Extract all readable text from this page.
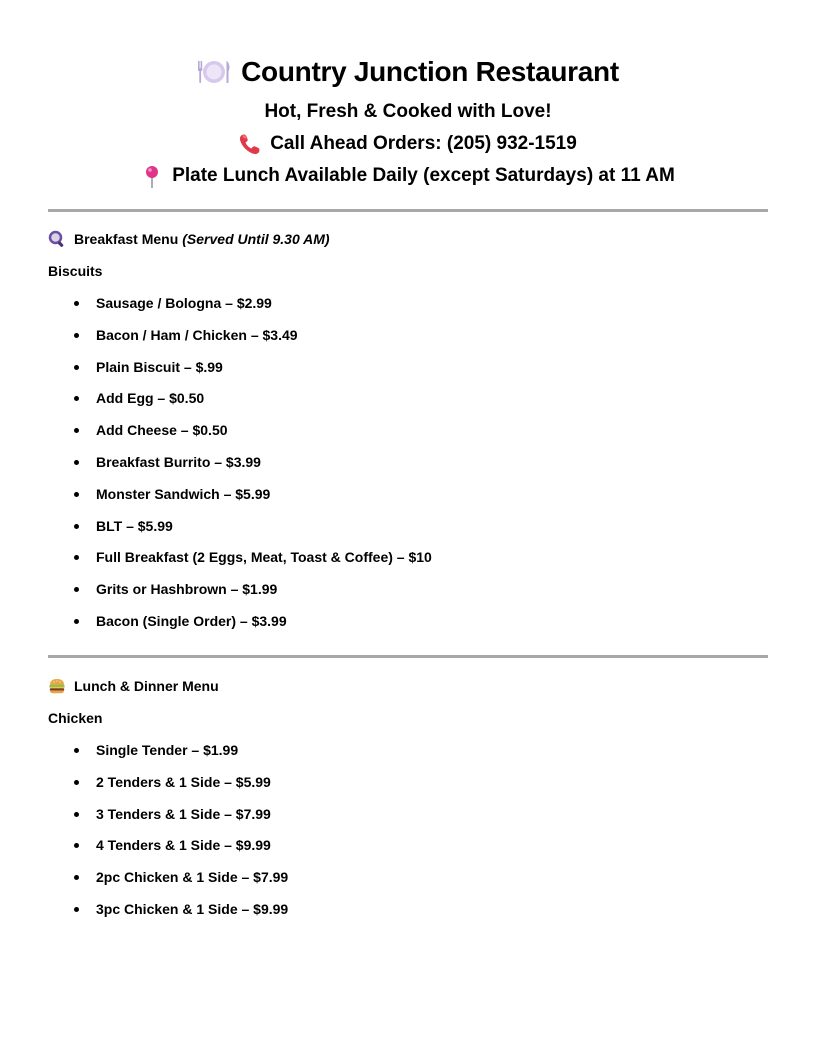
Country Junction Restaurant
Hot, Fresh & Cooked with Love!
Call Ahead Orders: (205) 932-1519
Plate Lunch Available Daily (except Saturdays) at 11 AM
Breakfast Menu (Served Until 9.30 AM)
Biscuits
Sausage / Bologna – $2.99
Bacon / Ham / Chicken – $3.49
Plain Biscuit – $.99
Add Egg – $0.50
Add Cheese – $0.50
Breakfast Burrito – $3.99
Monster Sandwich – $5.99
BLT – $5.99
Full Breakfast (2 Eggs, Meat, Toast & Coffee) – $10
Grits or Hashbrown – $1.99
Bacon (Single Order) – $3.99
Lunch & Dinner Menu
Chicken
Single Tender – $1.99
2 Tenders & 1 Side – $5.99
3 Tenders & 1 Side – $7.99
4 Tenders & 1 Side – $9.99
2pc Chicken & 1 Side – $7.99
3pc Chicken & 1 Side – $9.99
